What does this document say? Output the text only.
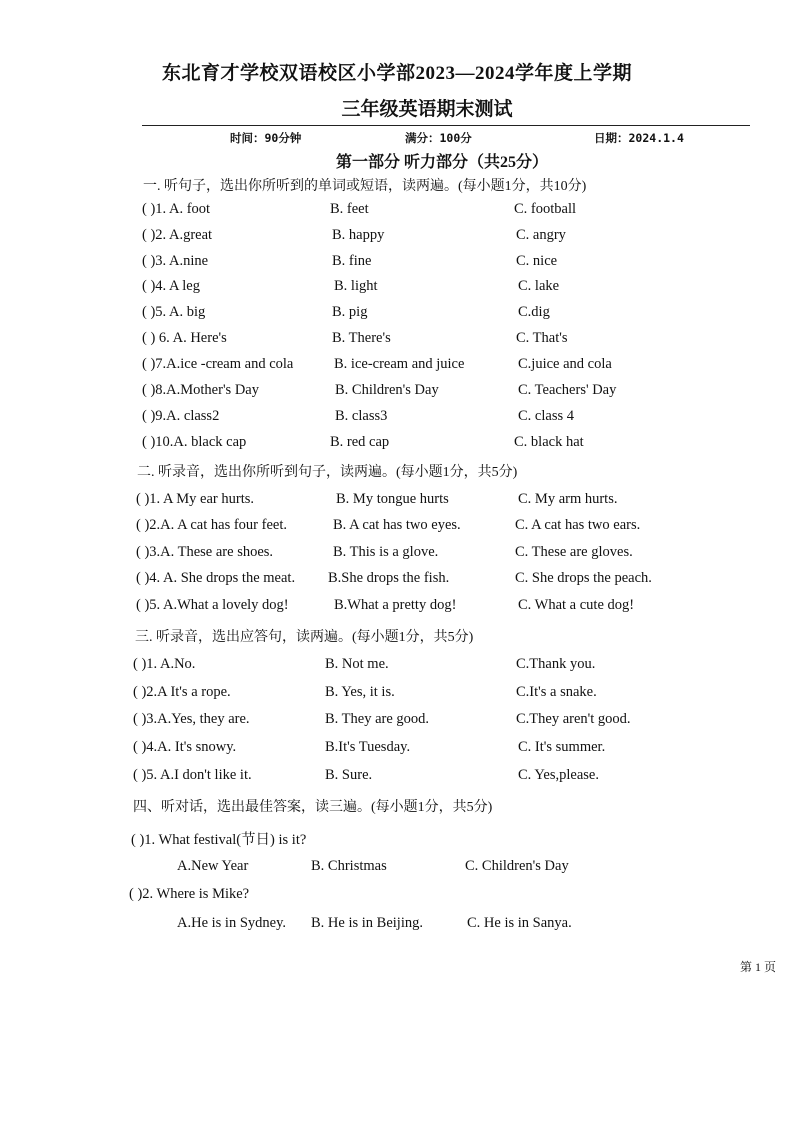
东北育才学校双语校区小学部2023—2024学年度上学期
三年级英语期末测试
时间：90分钟	满分：100分	日期：2024.1.4
第一部分 听力部分（共25分）
一. 听句子，选出你所听到的单词或短语，读两遍。(每小题1分，共10分)
( )1. A. foot	B. feet	C. football
( )2. A.great	B. happy	C. angry
( )3. A.nine	B. fine	C. nice
( )4. A leg	B. light	C. lake
( )5. A. big	B. pig	C.dig
( ) 6. A. Here's	B. There's	C. That's
( )7.A.ice -cream and cola	B. ice-cream and juice	C.juice and cola
( )8.A.Mother's Day	B. Children's Day	C. Teachers' Day
( )9.A. class2	B. class3	C. class 4
( )10.A. black cap	B. red cap	C. black hat
二. 听录音，选出你所听到句子，读两遍。(每小题1分，共5分)
( )1. A My ear hurts.	B. My tongue hurts	C. My arm hurts.
( )2.A. A cat has four feet.	B. A cat has two eyes.	C. A cat has two ears.
( )3.A. These are shoes.	B. This is a glove.	C. These are gloves.
( )4. A. She drops the meat. B.She drops the fish.	C. She drops the peach.
( )5. A.What a lovely dog!	B.What a pretty dog!	C. What a cute dog!
三. 听录音，选出应答句，读两遍。(每小题1分，共5分)
( )1. A.No.	B. Not me.	C.Thank you.
( )2.A It's a rope.	B. Yes, it is.	C.It's a snake.
( )3.A.Yes, they are.	B. They are good.	C.They aren't good.
( )4.A. It's snowy.	B.It's Tuesday.	C. It's summer.
( )5. A.I don't like it.	B. Sure.	C. Yes,please.
四、听对话，选出最佳答案，读三遍。(每小题1分，共5分)
( )1. What festival(节日) is it?
A.New Year	B. Christmas	C. Children's Day
( )2. Where is Mike?
A.He is in Sydney. B. He is in Beijing.	C. He is in Sanya.
第 1 页
